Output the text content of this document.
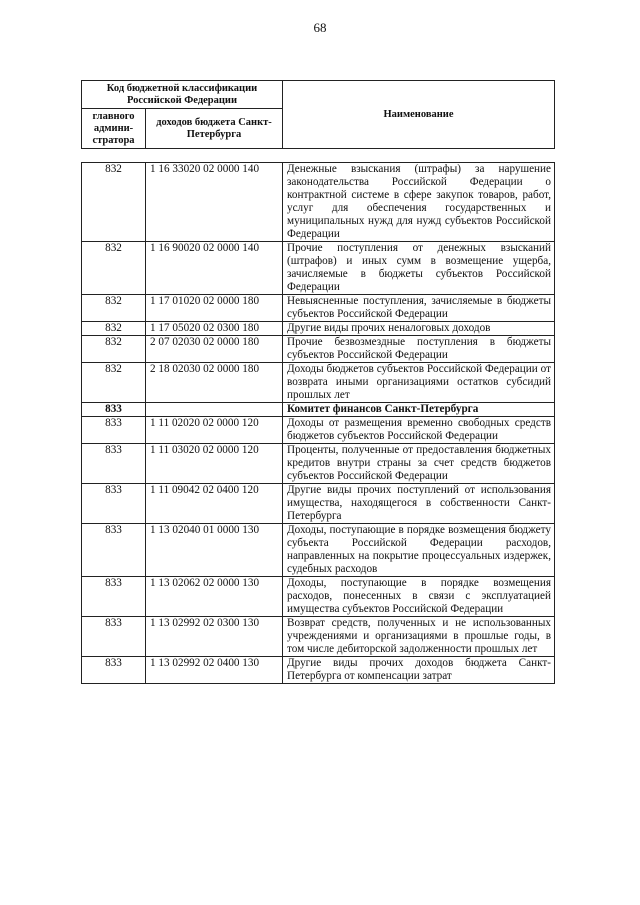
68
Код бюджетной классификации Российской Федерации		Наименование
главного админи-стратора	доходов бюджета Санкт-Петербурга	
832	1 16 33020 02 0000 140	Денежные взыскания (штрафы) за нарушение законодательства Российской Федерации о контрактной системе в сфере закупок товаров, работ, услуг для обеспечения государственных и муниципальных нужд для нужд субъектов Российской Федерации
832	1 16 90020 02 0000 140	Прочие поступления от денежных взысканий (штрафов) и иных сумм в возмещение ущерба, зачисляемые в бюджеты субъектов Российской Федерации
832	1 17 01020 02 0000 180	Невыясненные поступления, зачисляемые в бюджеты субъектов Российской Федерации
832	1 17 05020 02 0300 180	Другие виды прочих неналоговых доходов
832	2 07 02030 02 0000 180	Прочие безвозмездные поступления в бюджеты субъектов Российской Федерации
832	2 18 02030 02 0000 180	Доходы бюджетов субъектов Российской Федерации от возврата иными организациями остатков субсидий прошлых лет
833		Комитет финансов Санкт-Петербурга
833	1 11 02020 02 0000 120	Доходы от размещения временно свободных средств бюджетов субъектов Российской Федерации
833	1 11 03020 02 0000 120	Проценты, полученные от предоставления бюджетных кредитов внутри страны за счет средств бюджетов субъектов Российской Федерации
833	1 11 09042 02 0400 120	Другие виды прочих поступлений от использования имущества, находящегося в собственности Санкт-Петербурга
833	1 13 02040 01 0000 130	Доходы, поступающие в порядке возмещения бюджету субъекта Российской Федерации расходов, направленных на покрытие процессуальных издержек, судебных расходов
833	1 13 02062 02 0000 130	Доходы, поступающие в порядке возмещения расходов, понесенных в связи с эксплуатацией имущества субъектов Российской Федерации
833	1 13 02992 02 0300 130	Возврат средств, полученных и не использованных учреждениями и организациями в прошлые годы, в том числе дебиторской задолженности прошлых лет
833	1 13 02992 02 0400 130	Другие виды прочих доходов бюджета Санкт-Петербурга от компенсации затрат
